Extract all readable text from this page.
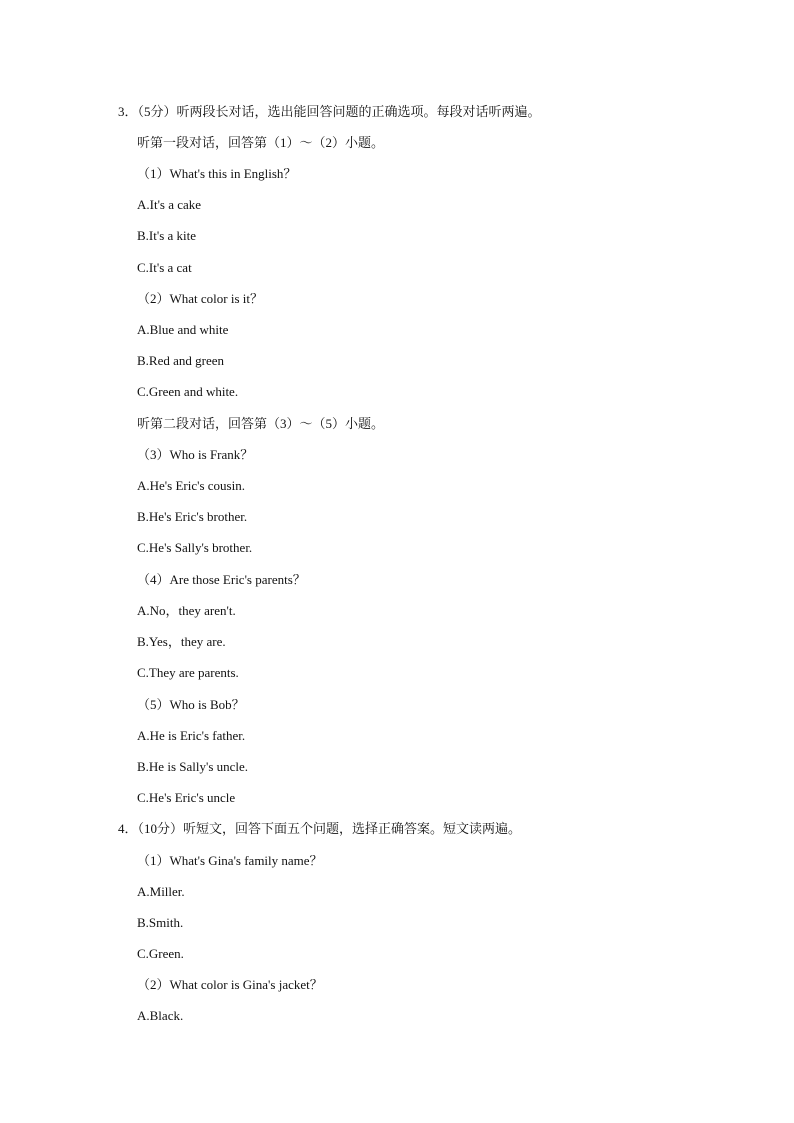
3．（5分）听两段长对话，选出能回答问题的正确选项。每段对话听两遍。
听第一段对话，回答第（1）～（2）小题。
（1）What's this in English？
A.It's a cake
B.It's a kite
C.It's a cat
（2）What color is it？
A.Blue and white
B.Red and green
C.Green and white.
听第二段对话，回答第（3）～（5）小题。
（3）Who is Frank？
A.He's Eric's cousin.
B.He's Eric's brother.
C.He's Sally's brother.
（4）Are those Eric's parents？
A.No，they aren't.
B.Yes，they are.
C.They are parents.
（5）Who is Bob？
A.He is Eric's father.
B.He is Sally's uncle.
C.He's Eric's uncle
4．（10分）听短文，回答下面五个问题，选择正确答案。短文读两遍。
（1）What's Gina's family name？
A.Miller.
B.Smith.
C.Green.
（2）What color is Gina's jacket？
A.Black.
